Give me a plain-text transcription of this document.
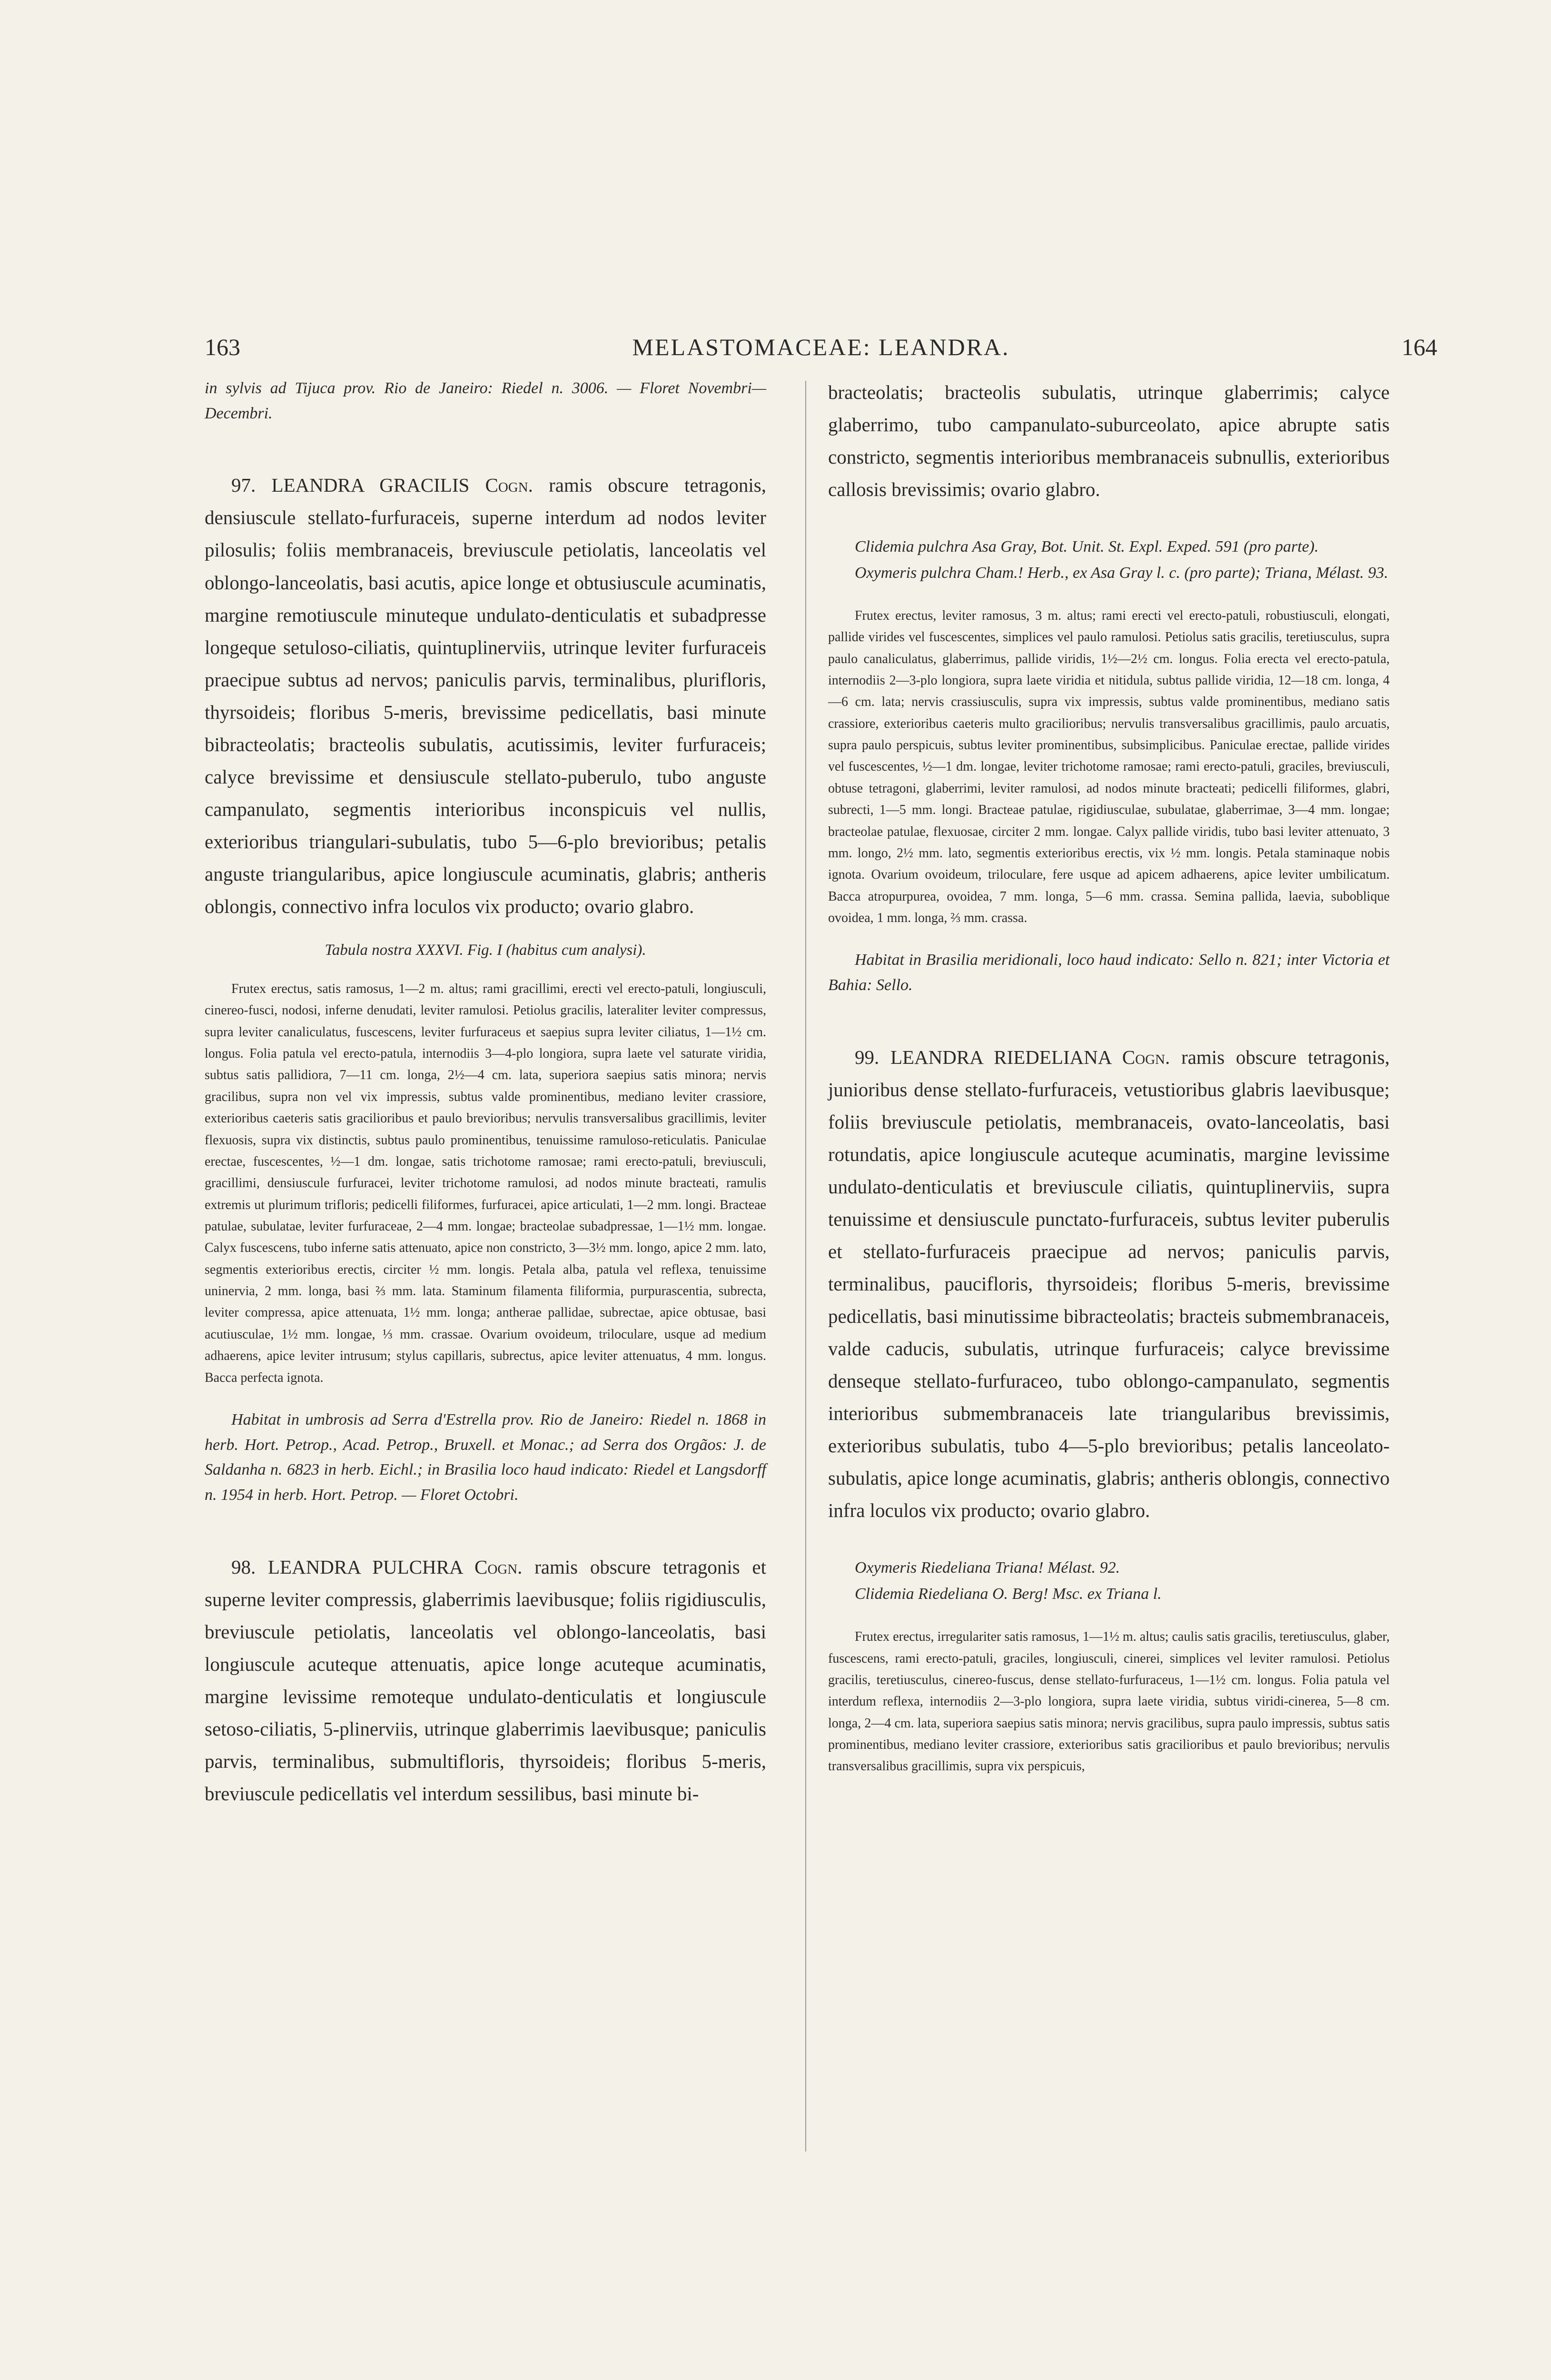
163	MELASTOMACEAE: LEANDRA.	164

in sylvis ad Tijuca prov. Rio de Janeiro: Riedel n. 3006. — Floret Novembri—Decembri.

97. LEANDRA GRACILIS Cogn. ramis obscure tetragonis, densiuscule stellato-furfuraceis, superne interdum ad nodos leviter pilosulis; foliis membranaceis, breviuscule petiolatis, lanceolatis vel oblongo-lanceolatis, basi acutis, apice longe et obtusiuscule acuminatis, margine remotiuscule minuteque undulato-denticulatis et subadpresse longeque setuloso-ciliatis, quintuplinerviis, utrinque leviter furfuraceis praecipue subtus ad nervos; paniculis parvis, terminalibus, plurifloris, thyrsoideis; floribus 5-meris, brevissime pedicellatis, basi minute bibracteolatis; bracteolis subulatis, acutissimis, leviter furfuraceis; calyce brevissime et densiuscule stellato-puberulo, tubo anguste campanulato, segmentis interioribus inconspicuis vel nullis, exterioribus triangulari-subulatis, tubo 5—6-plo brevioribus; petalis anguste triangularibus, apice longiuscule acuminatis, glabris; antheris oblongis, connectivo infra loculos vix producto; ovario glabro.

Tabula nostra XXXVI. Fig. I (habitus cum analysi).

Frutex erectus, satis ramosus, 1—2 m. altus; rami gracillimi, erecti vel erecto-patuli, longiusculi, cinereo-fusci, nodosi, inferne denudati, leviter ramulosi. Petiolus gracilis, lateraliter leviter compressus, supra leviter canaliculatus, fuscescens, leviter furfuraceus et saepius supra leviter ciliatus, 1—1½ cm. longus. Folia patula vel erecto-patula, internodiis 3—4-plo longiora, supra laete vel saturate viridia, subtus satis pallidiora, 7—11 cm. longa, 2½—4 cm. lata, superiora saepius satis minora; nervis gracilibus, supra non vel vix impressis, subtus valde prominentibus, mediano leviter crassiore, exterioribus caeteris satis gracilioribus et paulo brevioribus; nervulis transversalibus gracillimis, leviter flexuosis, supra vix distinctis, subtus paulo prominentibus, tenuissime ramuloso-reticulatis. Paniculae erectae, fuscescentes, ½—1 dm. longae, satis trichotome ramosae; rami erecto-patuli, breviusculi, gracillimi, densiuscule furfuracei, leviter trichotome ramulosi, ad nodos minute bracteati, ramulis extremis ut plurimum trifloris; pedicelli filiformes, furfuracei, apice articulati, 1—2 mm. longi. Bracteae patulae, subulatae, leviter furfuraceae, 2—4 mm. longae; bracteolae subadpressae, 1—1½ mm. longae. Calyx fuscescens, tubo inferne satis attenuato, apice non constricto, 3—3½ mm. longo, apice 2 mm. lato, segmentis exterioribus erectis, circiter ½ mm. longis. Petala alba, patula vel reflexa, tenuissime uninervia, 2 mm. longa, basi ⅔ mm. lata. Staminum filamenta filiformia, purpurascentia, subrecta, leviter compressa, apice attenuata, 1½ mm. longa; antherae pallidae, subrectae, apice obtusae, basi acutiusculae, 1½ mm. longae, ⅓ mm. crassae. Ovarium ovoideum, triloculare, usque ad medium adhaerens, apice leviter intrusum; stylus capillaris, subrectus, apice leviter attenuatus, 4 mm. longus. Bacca perfecta ignota.

Habitat in umbrosis ad Serra d'Estrella prov. Rio de Janeiro: Riedel n. 1868 in herb. Hort. Petrop., Acad. Petrop., Bruxell. et Monac.; ad Serra dos Orgãos: J. de Saldanha n. 6823 in herb. Eichl.; in Brasilia loco haud indicato: Riedel et Langsdorff n. 1954 in herb. Hort. Petrop. — Floret Octobri.

98. LEANDRA PULCHRA Cogn. ramis obscure tetragonis et superne leviter compressis, glaberrimis laevibusque; foliis rigidiusculis, breviuscule petiolatis, lanceolatis vel oblongo-lanceolatis, basi longiuscule acuteque attenuatis, apice longe acuteque acuminatis, margine levissime remoteque undulato-denticulatis et longiuscule setoso-ciliatis, 5-plinerviis, utrinque glaberrimis laevibusque; paniculis parvis, terminalibus, submultifloris, thyrsoideis; floribus 5-meris, breviuscule pedicellatis vel interdum sessilibus, basi minute bi-

bracteolatis; bracteolis subulatis, utrinque glaberrimis; calyce glaberrimo, tubo campanulato-suburceolato, apice abrupte satis constricto, segmentis interioribus membranaceis subnullis, exterioribus callosis brevissimis; ovario glabro.

Clidemia pulchra Asa Gray, Bot. Unit. St. Expl. Exped. 591 (pro parte).

Oxymeris pulchra Cham.! Herb., ex Asa Gray l. c. (pro parte); Triana, Mélast. 93.

Frutex erectus, leviter ramosus, 3 m. altus; rami erecti vel erecto-patuli, robustiusculi, elongati, pallide virides vel fuscescentes, simplices vel paulo ramulosi. Petiolus satis gracilis, teretiusculus, supra paulo canaliculatus, glaberrimus, pallide viridis, 1½—2½ cm. longus. Folia erecta vel erecto-patula, internodiis 2—3-plo longiora, supra laete viridia et nitidula, subtus pallide viridia, 12—18 cm. longa, 4—6 cm. lata; nervis crassiusculis, supra vix impressis, subtus valde prominentibus, mediano satis crassiore, exterioribus caeteris multo gracilioribus; nervulis transversalibus gracillimis, paulo arcuatis, supra paulo perspicuis, subtus leviter prominentibus, subsimplicibus. Paniculae erectae, pallide virides vel fuscescentes, ½—1 dm. longae, leviter trichotome ramosae; rami erecto-patuli, graciles, breviusculi, obtuse tetragoni, glaberrimi, leviter ramulosi, ad nodos minute bracteati; pedicelli filiformes, glabri, subrecti, 1—5 mm. longi. Bracteae patulae, rigidiusculae, subulatae, glaberrimae, 3—4 mm. longae; bracteolae patulae, flexuosae, circiter 2 mm. longae. Calyx pallide viridis, tubo basi leviter attenuato, 3 mm. longo, 2½ mm. lato, segmentis exterioribus erectis, vix ½ mm. longis. Petala staminaque nobis ignota. Ovarium ovoideum, triloculare, fere usque ad apicem adhaerens, apice leviter umbilicatum. Bacca atropurpurea, ovoidea, 7 mm. longa, 5—6 mm. crassa. Semina pallida, laevia, suboblique ovoidea, 1 mm. longa, ⅔ mm. crassa.

Habitat in Brasilia meridionali, loco haud indicato: Sello n. 821; inter Victoria et Bahia: Sello.

99. LEANDRA RIEDELIANA Cogn. ramis obscure tetragonis, junioribus dense stellato-furfuraceis, vetustioribus glabris laevibusque; foliis breviuscule petiolatis, membranaceis, ovato-lanceolatis, basi rotundatis, apice longiuscule acuteque acuminatis, margine levissime undulato-denticulatis et breviuscule ciliatis, quintuplinerviis, supra tenuissime et densiuscule punctato-furfuraceis, subtus leviter puberulis et stellato-furfuraceis praecipue ad nervos; paniculis parvis, terminalibus, paucifloris, thyrsoideis; floribus 5-meris, brevissime pedicellatis, basi minutissime bibracteolatis; bracteis submembranaceis, valde caducis, subulatis, utrinque furfuraceis; calyce brevissime denseque stellato-furfuraceo, tubo oblongo-campanulato, segmentis interioribus submembranaceis late triangularibus brevissimis, exterioribus subulatis, tubo 4—5-plo brevioribus; petalis lanceolato-subulatis, apice longe acuminatis, glabris; antheris oblongis, connectivo infra loculos vix producto; ovario glabro.

Oxymeris Riedeliana Triana! Mélast. 92.

Clidemia Riedeliana O. Berg! Msc. ex Triana l.

Frutex erectus, irregulariter satis ramosus, 1—1½ m. altus; caulis satis gracilis, teretiusculus, glaber, fuscescens, rami erecto-patuli, graciles, longiusculi, cinerei, simplices vel leviter ramulosi. Petiolus gracilis, teretiusculus, cinereo-fuscus, dense stellato-furfuraceus, 1—1½ cm. longus. Folia patula vel interdum reflexa, internodiis 2—3-plo longiora, supra laete viridia, subtus viridi-cinerea, 5—8 cm. longa, 2—4 cm. lata, superiora saepius satis minora; nervis gracilibus, supra paulo impressis, subtus satis prominentibus, mediano leviter crassiore, exterioribus satis gracilioribus et paulo brevioribus; nervulis transversalibus gracillimis, supra vix perspicuis,
